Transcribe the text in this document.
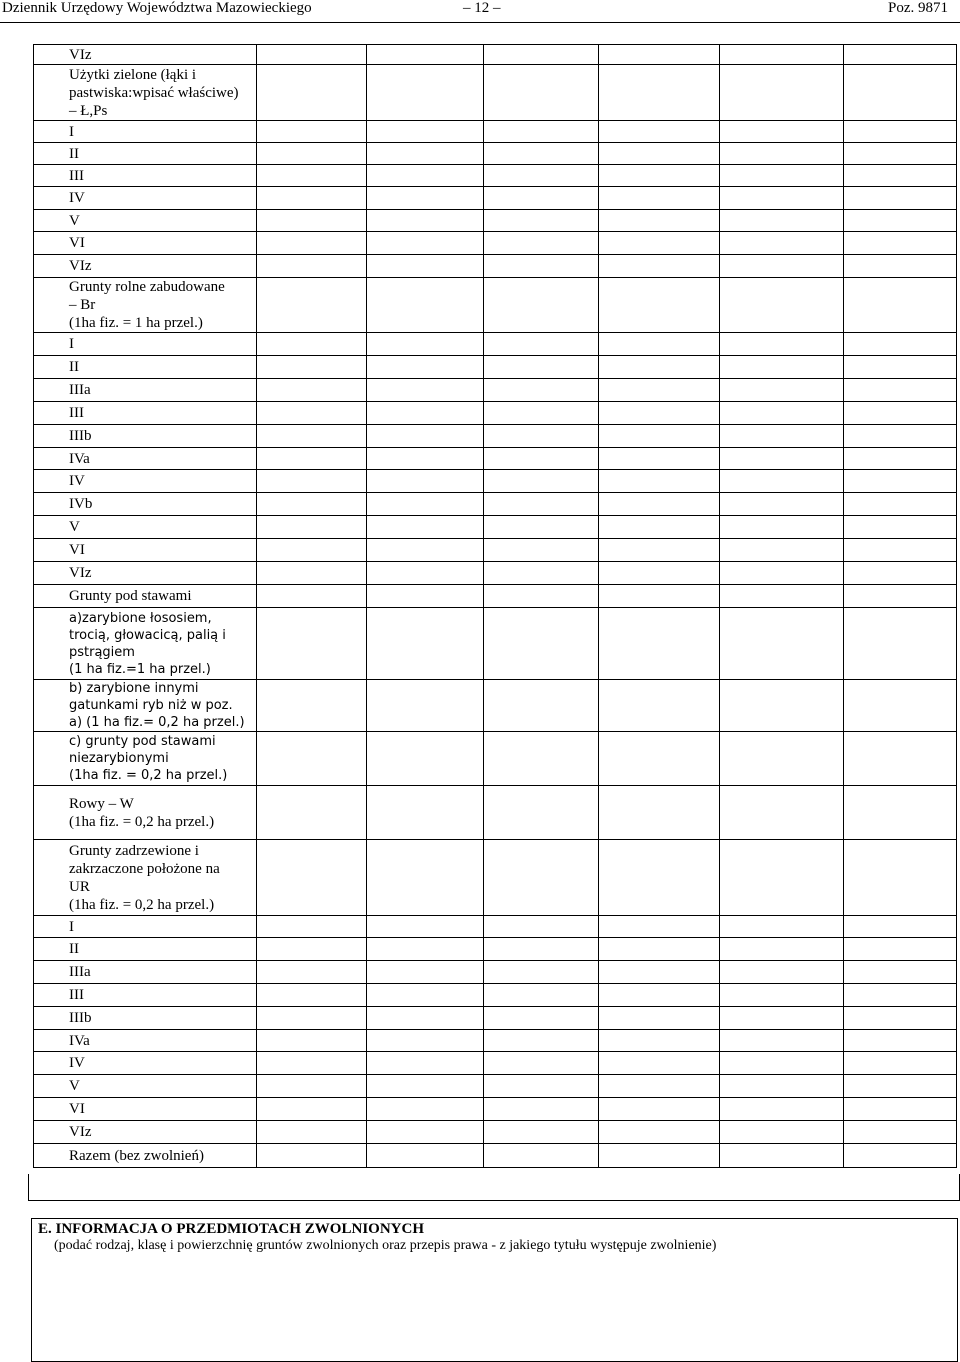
Dziennik Urzędowy Województwa Mazowieckiego	– 12 –	Poz. 9871
VIz						
Użytki zielone (łąki i
pastwiska:wpisać właściwe)
– Ł,Ps						
I						
II						
III						
IV						
V						
VI						
VIz						
Grunty rolne zabudowane
– Br
(1ha fiz. = 1 ha przel.)						
I						
II						
IIIa						
III						
IIIb						
IVa						
IV						
IVb						
V						
VI						
VIz						
Grunty pod stawami						
a)zarybione łososiem,
trocią, głowacicą, palią i
pstrągiem
(1 ha fiz.=1 ha przel.)						
b) zarybione innymi
gatunkami ryb niż w poz.
a) (1 ha fiz.= 0,2 ha przel.)						
c) grunty pod stawami
niezarybionymi
(1ha fiz. = 0,2 ha przel.)						
Rowy – W
(1ha fiz. = 0,2 ha przel.)						
Grunty zadrzewione i
zakrzaczone położone na
UR
(1ha fiz. = 0,2 ha przel.)						
I						
II						
IIIa						
III						
IIIb						
IVa						
IV						
V						
VI						
VIz						
Razem (bez zwolnień)						
E. INFORMACJA O PRZEDMIOTACH ZWOLNIONYCH
(podać rodzaj, klasę i powierzchnię gruntów zwolnionych oraz przepis prawa - z jakiego tytułu występuje zwolnienie)
